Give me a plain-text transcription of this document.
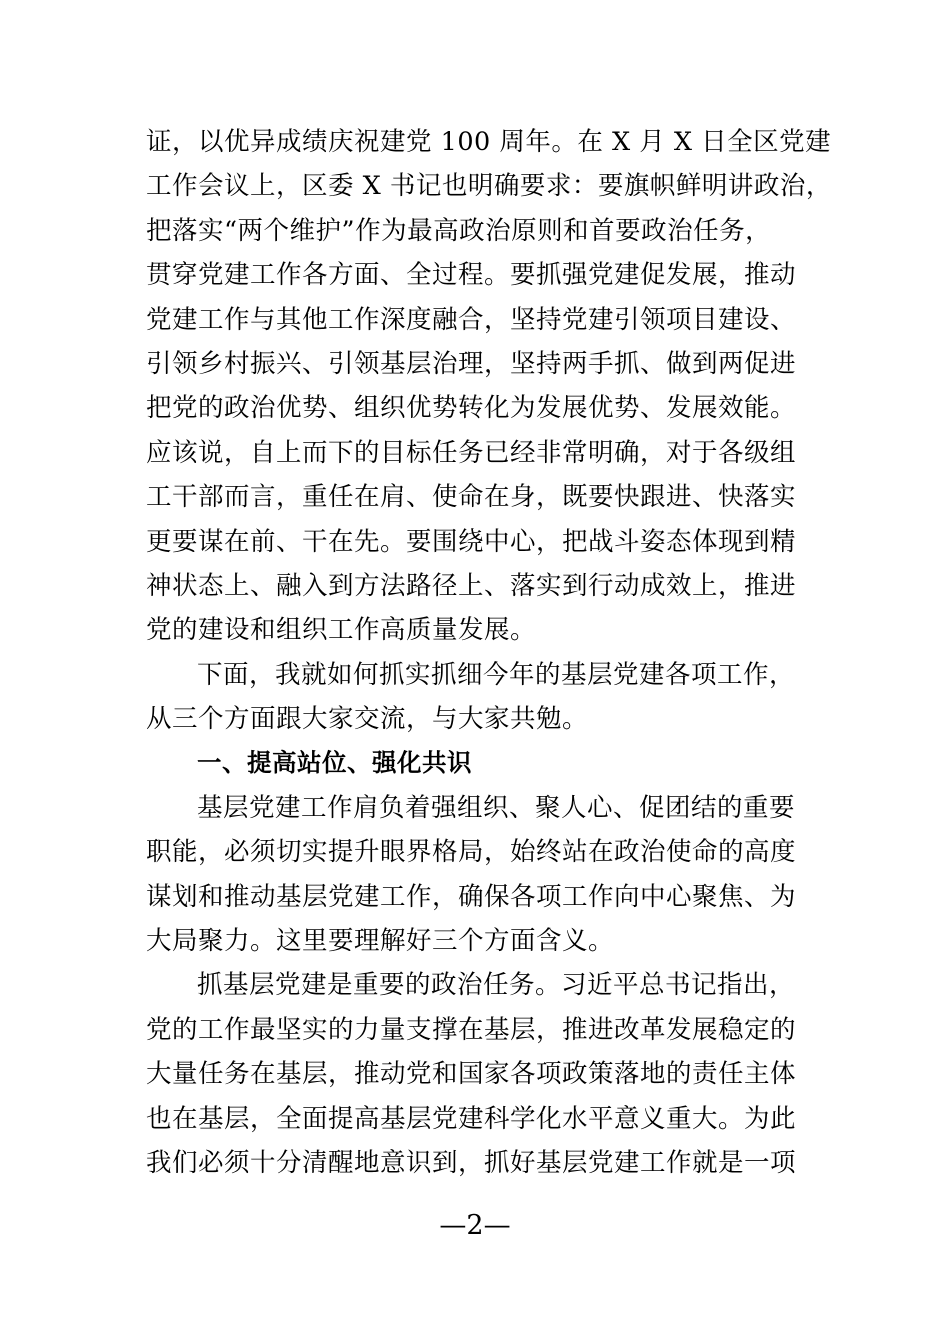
证，以优异成绩庆祝建党 100 周年。在 X 月 X 日全区党建
工作会议上，区委 X 书记也明确要求：要旗帜鲜明讲政治，
把落实“两个维护”作为最高政治原则和首要政治任务，
贯穿党建工作各方面、全过程。要抓强党建促发展，推动
党建工作与其他工作深度融合，坚持党建引领项目建设、
引领乡村振兴、引领基层治理，坚持两手抓、做到两促进
把党的政治优势、组织优势转化为发展优势、发展效能。
应该说，自上而下的目标任务已经非常明确，对于各级组
工干部而言，重任在肩、使命在身，既要快跟进、快落实
更要谋在前、干在先。要围绕中心，把战斗姿态体现到精
神状态上、融入到方法路径上、落实到行动成效上，推进
党的建设和组织工作高质量发展。
下面，我就如何抓实抓细今年的基层党建各项工作，
从三个方面跟大家交流，与大家共勉。
一、提高站位、强化共识
基层党建工作肩负着强组织、聚人心、促团结的重要
职能，必须切实提升眼界格局，始终站在政治使命的高度
谋划和推动基层党建工作，确保各项工作向中心聚焦、为
大局聚力。这里要理解好三个方面含义。
抓基层党建是重要的政治任务。习近平总书记指出，
党的工作最坚实的力量支撑在基层，推进改革发展稳定的
大量任务在基层，推动党和国家各项政策落地的责任主体
也在基层，全面提高基层党建科学化水平意义重大。为此
我们必须十分清醒地意识到，抓好基层党建工作就是一项
—2—
